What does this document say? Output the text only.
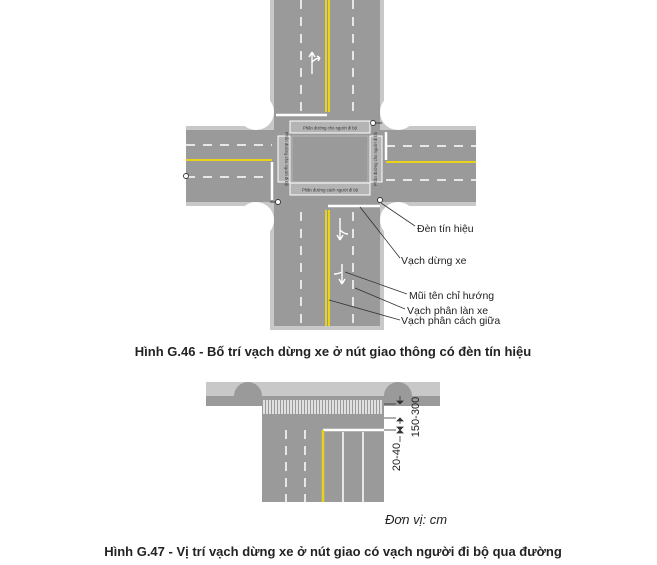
Phần đường cho người đi bộ
Phần đường cách người đi bộ
Phần đường cho người đi bộ	Phần đường cho người đi bộ
Đèn tín hiệu
Vạch dừng xe
Mũi tên chỉ hướng
Vạch phân làn xe
Vạch phân cách giữa
Hình G.46 - Bố trí vạch dừng xe ở nút giao thông có đèn tín hiệu
150-300
20-40
Đơn vị: cm
Hình G.47 - Vị trí vạch dừng xe ở nút giao có vạch người đi bộ qua đường
